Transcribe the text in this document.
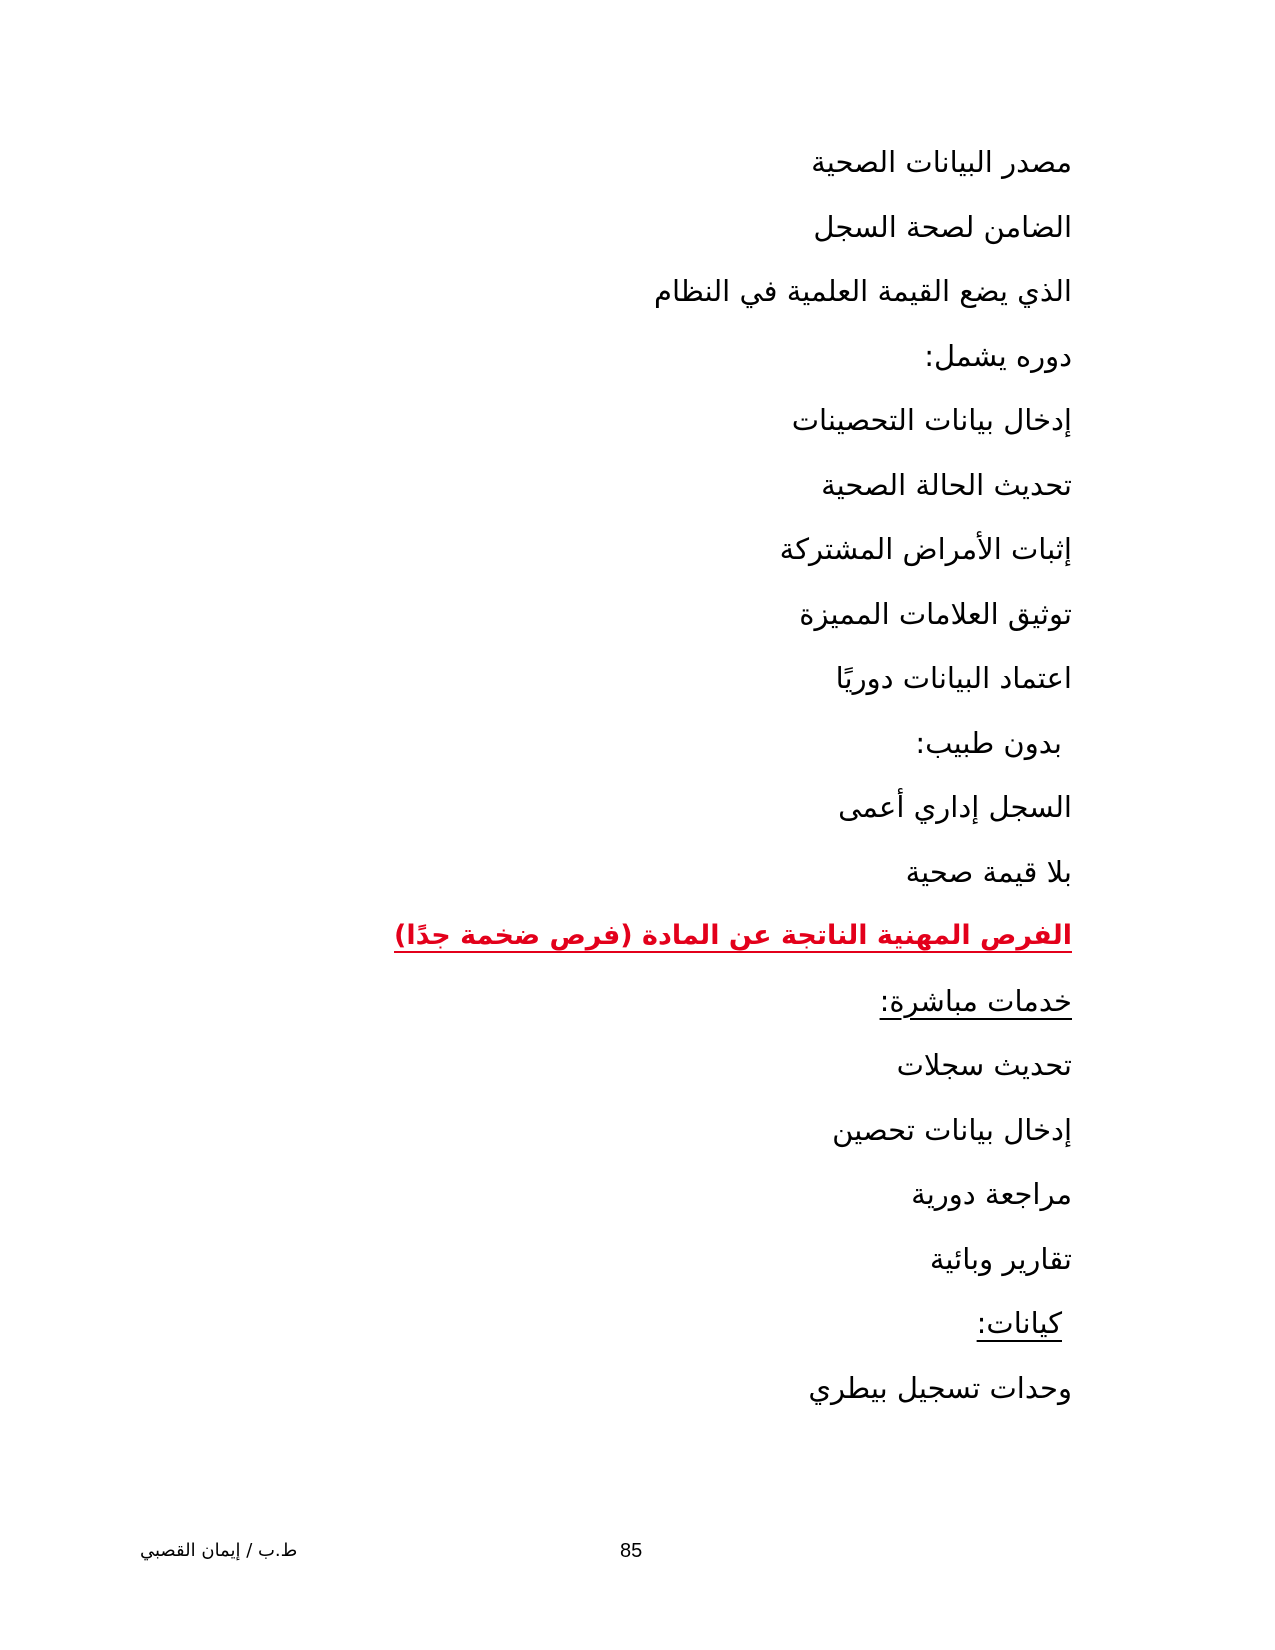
مصدر البيانات الصحية
الضامن لصحة السجل
الذي يضع القيمة العلمية في النظام
دوره يشمل:
إدخال بيانات التحصينات
تحديث الحالة الصحية
إثبات الأمراض المشتركة
توثيق العلامات المميزة
اعتماد البيانات دوريًا
بدون طبيب:
السجل إداري أعمى
بلا قيمة صحية
الفرص المهنية الناتجة عن المادة (فرص ضخمة جدًا)
خدمات مباشرة:
تحديث سجلات
إدخال بيانات تحصين
مراجعة دورية
تقارير وبائية
كيانات:
وحدات تسجيل بيطري
85
ط.ب / إيمان القصبي
